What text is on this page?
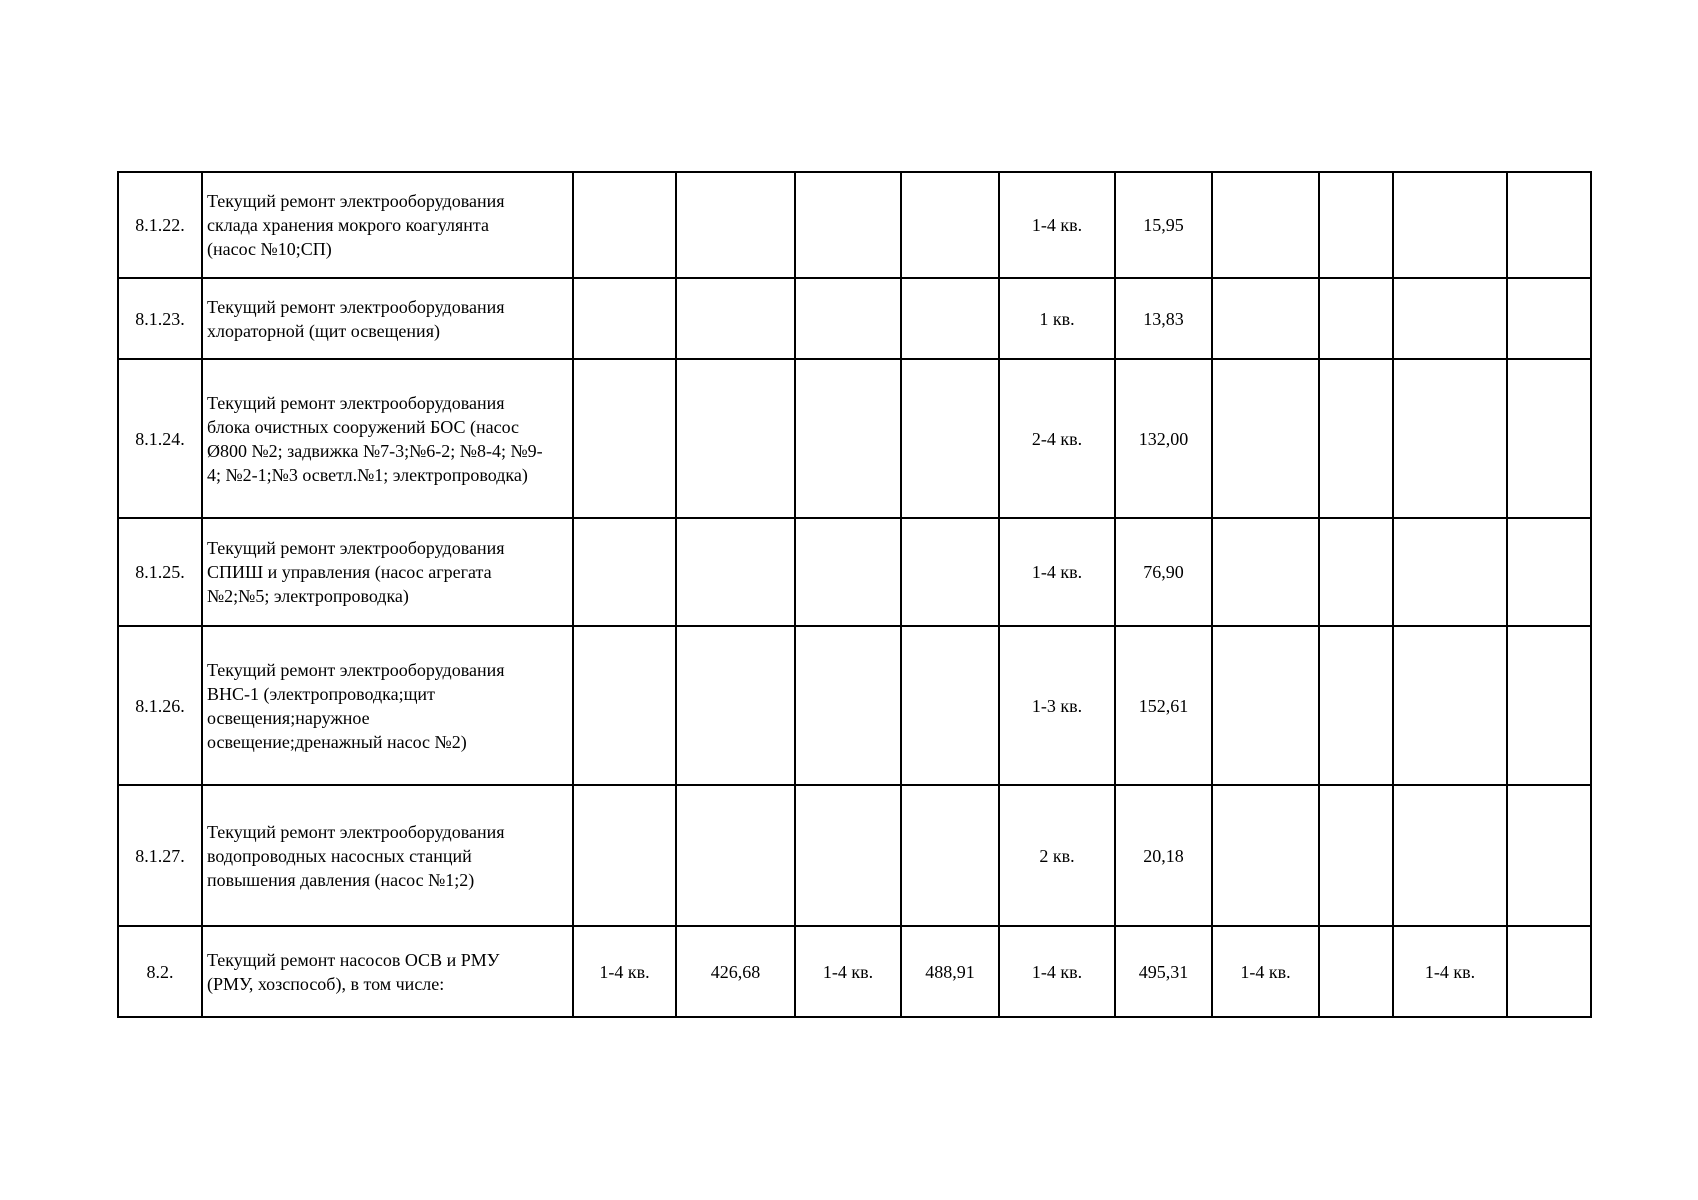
8.1.22.	Текущий ремонт электрооборудования
склада хранения мокрого коагулянта
(насос №10;СП)					1-4 кв.	15,95				
8.1.23.	Текущий ремонт электрооборудования
хлораторной (щит освещения)					1 кв.	13,83				
8.1.24.	Текущий ремонт электрооборудования
блока очистных сооружений БОС (насос
Ø800 №2; задвижка №7-3;№6-2; №8-4; №9-
4; №2-1;№3 осветл.№1; электропроводка)					2-4 кв.	132,00				
8.1.25.	Текущий ремонт электрооборудования
СПИШ и управления (насос агрегата
№2;№5; электропроводка)					1-4 кв.	76,90				
8.1.26.	Текущий ремонт электрооборудования
ВНС-1 (электропроводка;щит
освещения;наружное
освещение;дренажный насос №2)					1-3 кв.	152,61				
8.1.27.	Текущий ремонт электрооборудования
водопроводных насосных станций
повышения давления (насос №1;2)					2 кв.	20,18				
8.2.	Текущий ремонт насосов ОСВ и РМУ
(РМУ, хозспособ), в том числе:	1-4 кв.	426,68	1-4 кв.	488,91	1-4 кв.	495,31	1-4 кв.		1-4 кв.	
